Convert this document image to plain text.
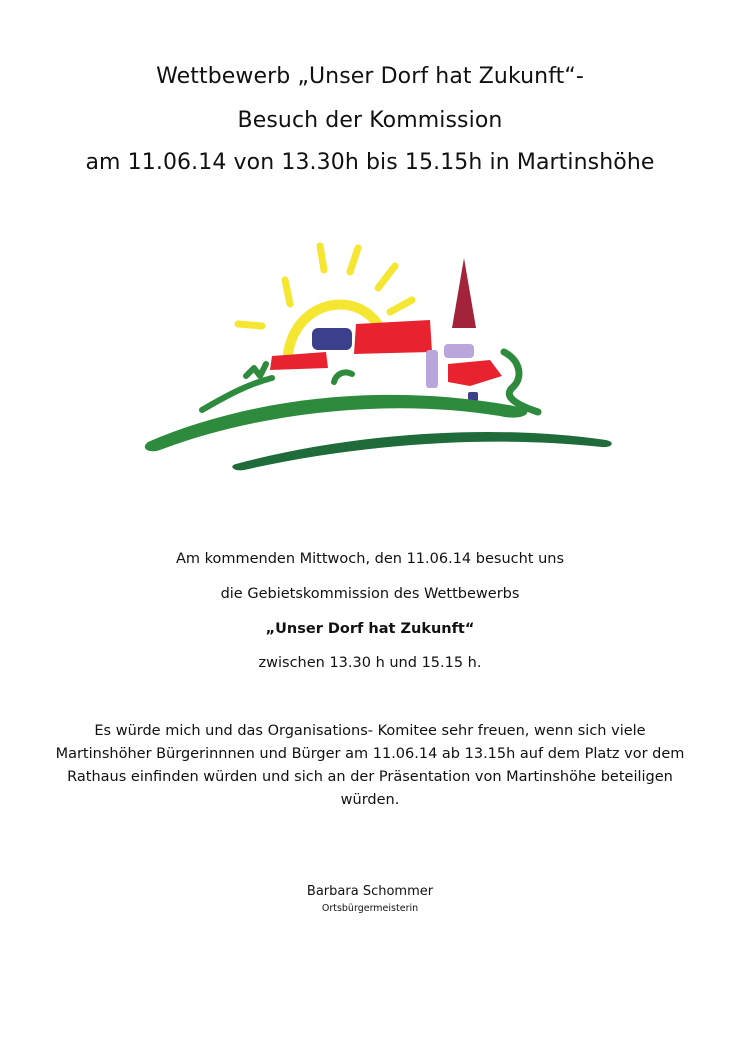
Wettbewerb „Unser Dorf hat Zukunft“-
Besuch der Kommission
am 11.06.14 von 13.30h bis 15.15h in Martinshöhe
Am kommenden Mittwoch, den 11.06.14 besucht uns
die Gebietskommission des Wettbewerbs
„Unser Dorf hat Zukunft“
zwischen 13.30 h und 15.15 h.
Es würde mich und das Organisations- Komitee sehr freuen, wenn sich viele
Martinshöher Bürgerinnnen und Bürger am 11.06.14 ab 13.15h auf dem Platz vor dem
Rathaus einfinden würden und sich an der Präsentation von Martinshöhe beteiligen
würden.
Barbara Schommer
Ortsbürgermeisterin
